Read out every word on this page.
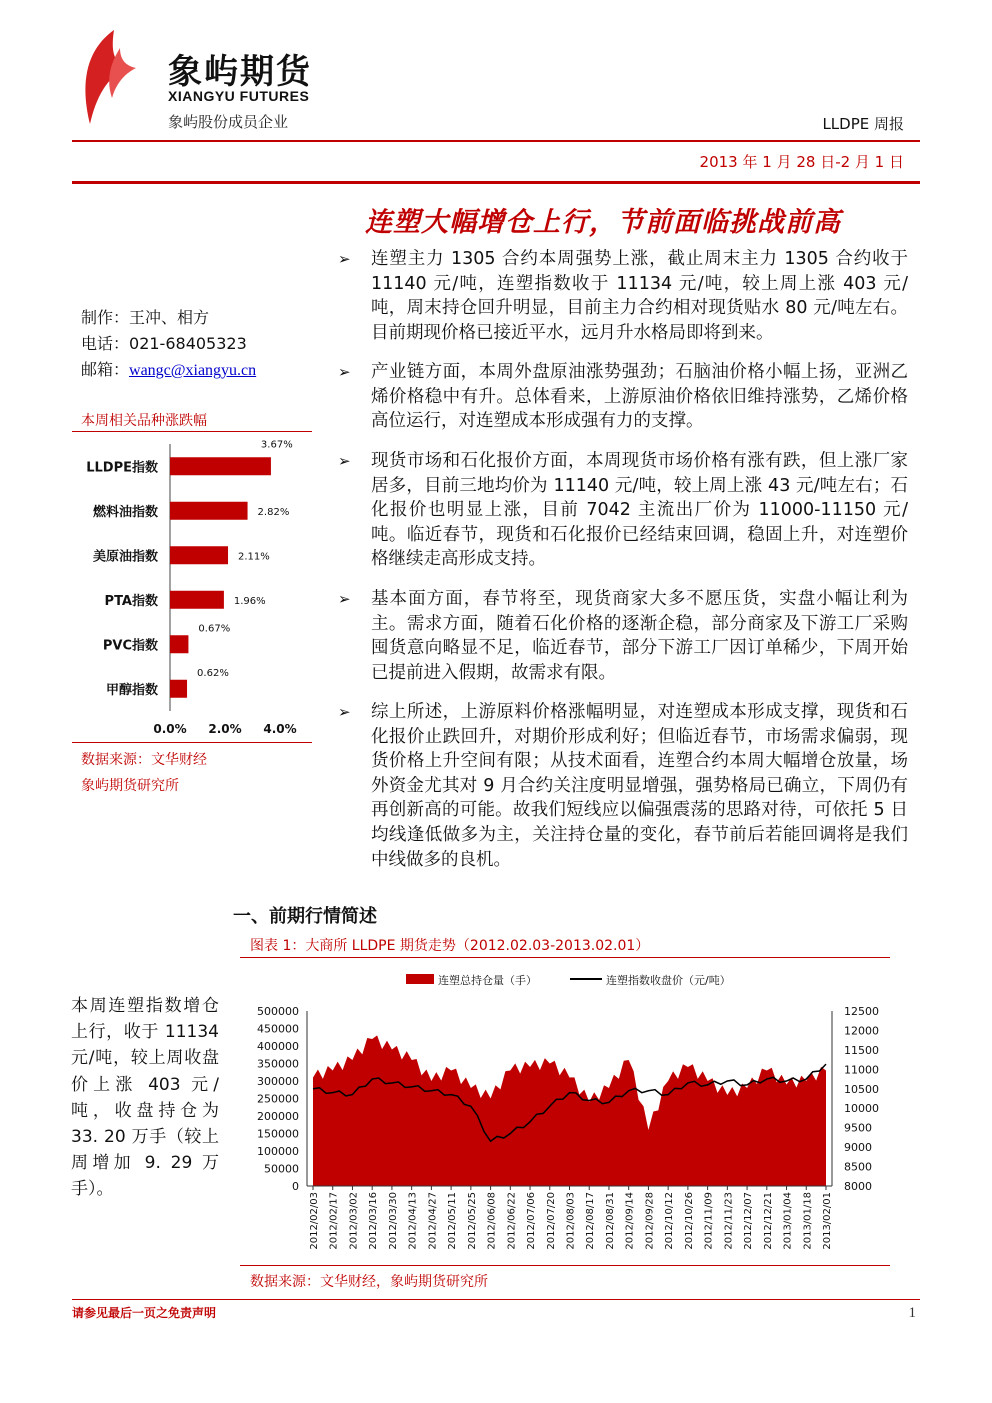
象屿期货
XIANGYU FUTURES
象屿股份成员企业	LLDPE 周报
2013 年 1 月 28 日-2 月 1 日
连塑大幅增仓上行，节前面临挑战前高
➢ 连塑主力 1305 合约本周强势上涨，截止周末主力 1305 合约收于 11140 元/吨，连塑指数收于 11134 元/吨，较上周上涨 403 元/吨，周末持仓回升明显，目前主力合约相对现货贴水 80 元/吨左右。目前期现价格已接近平水，远月升水格局即将到来。
➢ 产业链方面，本周外盘原油涨势强劲；石脑油价格小幅上扬，亚洲乙烯价格稳中有升。总体看来，上游原油价格依旧维持涨势，乙烯价格高位运行，对连塑成本形成强有力的支撑。
➢ 现货市场和石化报价方面，本周现货市场价格有涨有跌，但上涨厂家居多，目前三地均价为 11140 元/吨，较上周上涨 43 元/吨左右；石化报价也明显上涨，目前 7042 主流出厂价为 11000-11150 元/吨。临近春节，现货和石化报价已经结束回调，稳固上升，对连塑价格继续走高形成支持。
➢ 基本面方面，春节将至，现货商家大多不愿压货，实盘小幅让利为主。需求方面，随着石化价格的逐渐企稳，部分商家及下游工厂采购囤货意向略显不足，临近春节，部分下游工厂因订单稀少，下周开始已提前进入假期，故需求有限。
➢ 综上所述，上游原料价格涨幅明显，对连塑成本形成支撑，现货和石化报价止跌回升，对期价形成利好；但临近春节，市场需求偏弱，现货价格上升空间有限；从技术面看，连塑合约本周大幅增仓放量，场外资金尤其对 9 月合约关注度明显增强，强势格局已确立，下周仍有再创新高的可能。故我们短线应以偏强震荡的思路对待，可依托 5 日均线逢低做多为主，关注持仓量的变化，春节前后若能回调将是我们中线做多的良机。
制作：王冲、相方
电话：021-68405323
邮箱：wangc@xiangyu.cn
本周相关品种涨跌幅
LLDPE指数
3.67%
燃料油指数	2.82%
美原油指数	2.11%
PTA指数	1.96%
PVC指数
0.67%
甲醇指数
0.62%
0.0% 2.0% 4.0%
数据来源：文华财经
象屿期货研究所
一、前期行情简述
图表 1：大商所 LLDPE 期货走势（2012.02.03-2013.02.01）
连塑总持仓量（手）	连塑指数收盘价（元/吨）
0
50000
100000
150000
200000
250000
300000
350000
400000
450000
500000
8000
8500
9000
9500
10000
10500
11000
11500
12000
12500
2012/02/03 2012/02/17 2012/03/02 2012/03/16 2012/03/30 2012/04/13 2012/04/27 2012/05/11 2012/05/25 2012/06/08 2012/06/22 2012/07/06 2012/07/20 2012/08/03 2012/08/17 2012/08/31 2012/09/14 2012/09/28 2012/10/12 2012/10/26 2012/11/09 2012/11/23 2012/12/07 2012/12/21 2013/01/04 2013/01/18 2013/02/01
数据来源：文华财经，象屿期货研究所
本周连塑指数增仓上行，收于 11134 元/吨，较上周收盘价上涨 403 元/吨，收盘持仓为 33. 20 万手（较上周增加 9. 29 万手）。
请参见最后一页之免责声明	1
